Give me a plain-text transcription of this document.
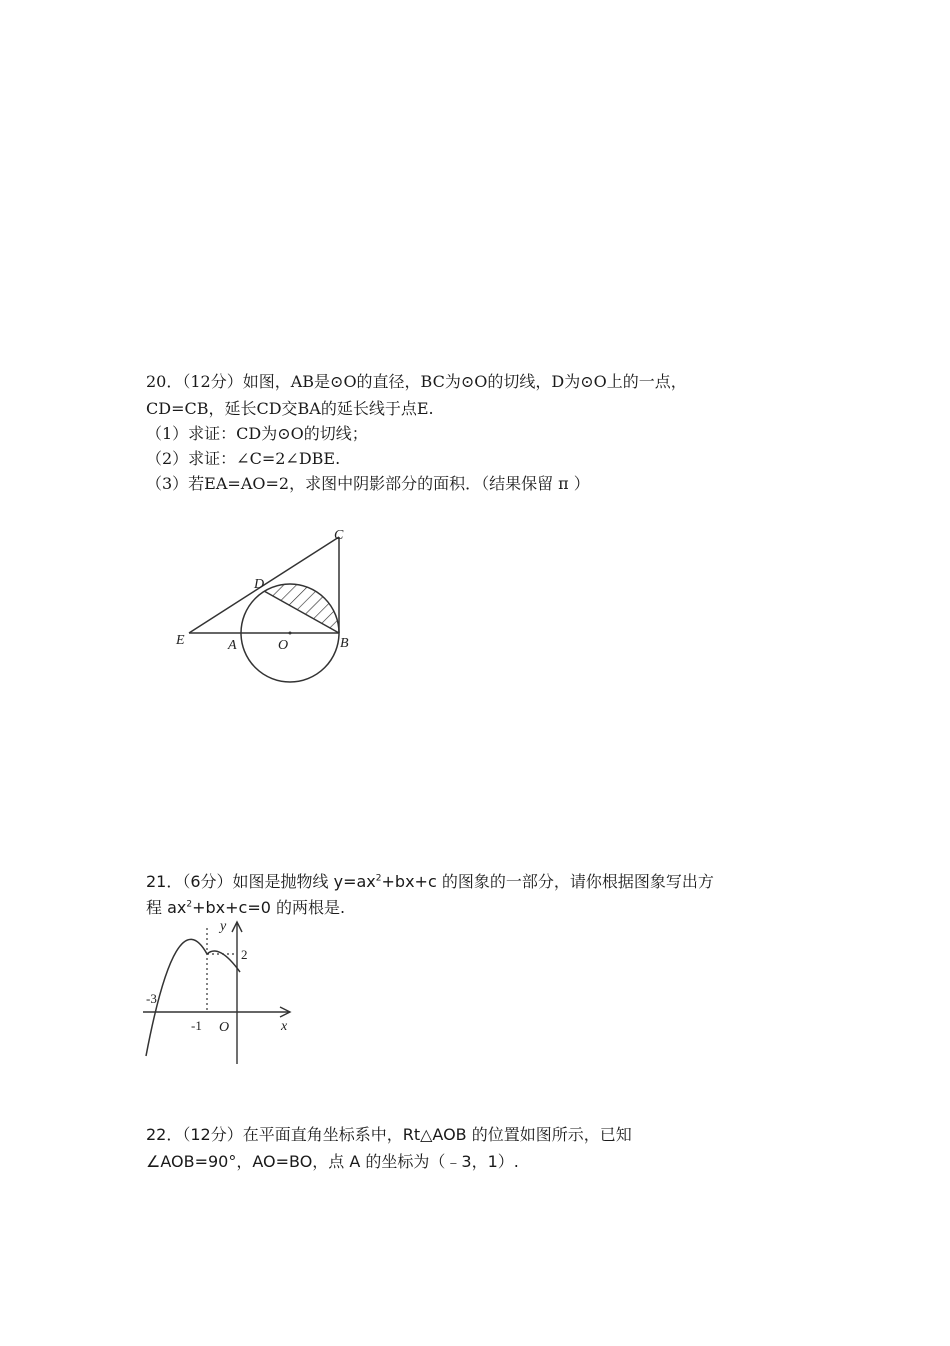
20．（12分）如图，AB是⊙O的直径，BC为⊙O的切线，D为⊙O上的一点，
CD=CB，延长CD交BA的延长线于点E.
（1）求证：CD为⊙O的切线；
（2）求证：∠C=2∠DBE.
（3）若EA=AO=2，求图中阴影部分的面积．（结果保留 π ）
C
D
E	A	O	B
21．（6分）如图是抛物线 $y=ax^2+bx+c$ 的图象的一部分，请你根据图象写出方
程 $ax^2+bx+c=0$ 的两根是.
y
x
O
2
-3
-1
22．（12分）在平面直角坐标系中，Rt△AOB 的位置如图所示，已知
∠AOB=90°，AO=BO，点 A 的坐标为（﹣3，1）.
